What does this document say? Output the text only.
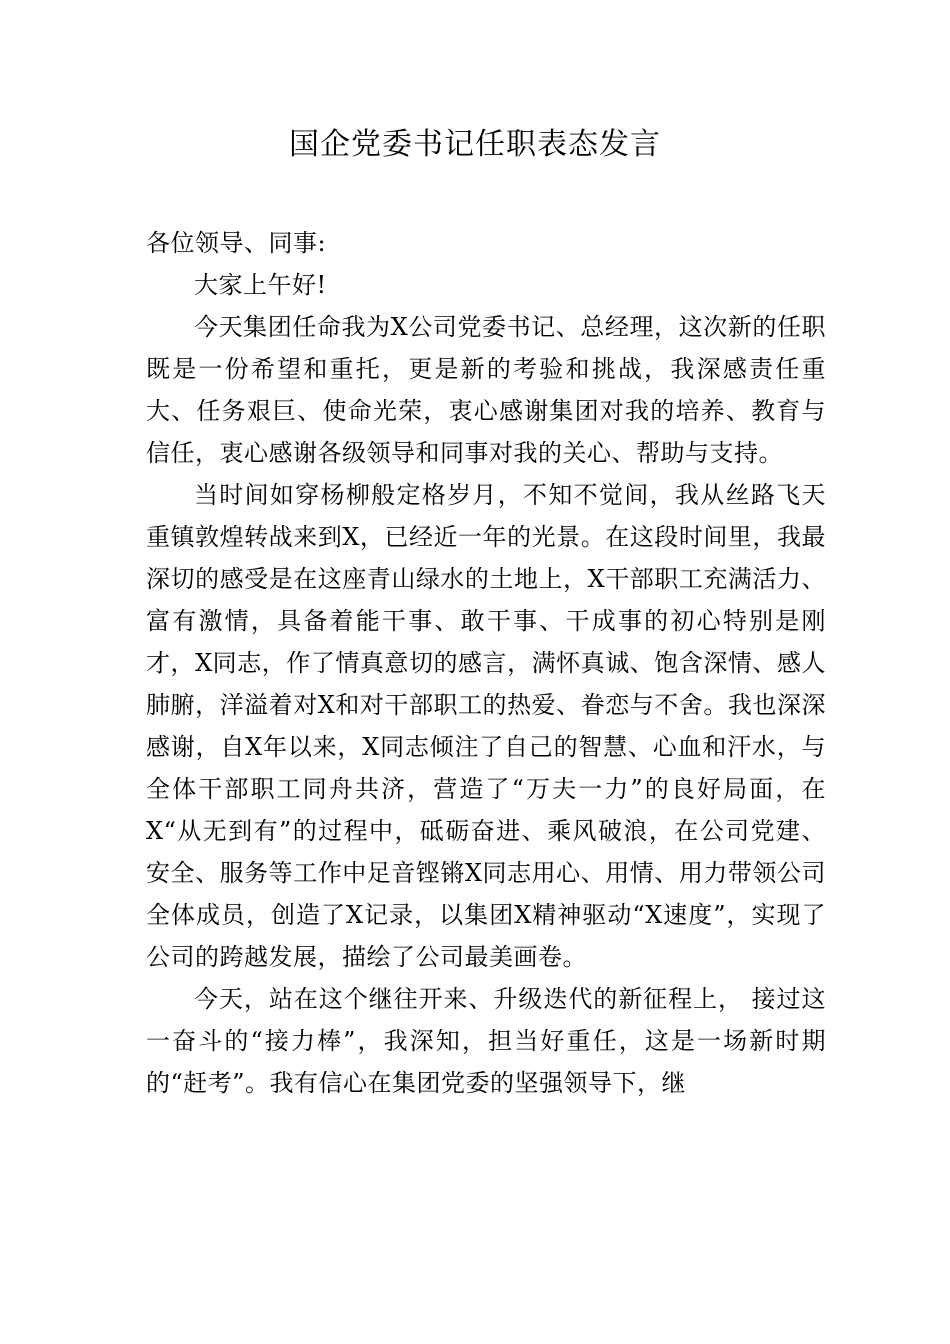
国企党委书记任职表态发言

各位领导、同事:

大家上午好!

今天集团任命我为X公司党委书记、总经理，这次新的任职既是一份希望和重托，更是新的考验和挑战，我深感责任重大、任务艰巨、使命光荣，衷心感谢集团对我的培养、教育与信任，衷心感谢各级领导和同事对我的关心、帮助与支持。

当时间如穿杨柳般定格岁月，不知不觉间，我从丝路飞天重镇敦煌转战来到X，已经近一年的光景。在这段时间里，我最深切的感受是在这座青山绿水的土地上，X干部职工充满活力、富有激情，具备着能干事、敢干事、干成事的初心特别是刚才，X同志，作了情真意切的感言，满怀真诚、饱含深情、感人肺腑，洋溢着对X和对干部职工的热爱、眷恋与不舍。我也深深感谢，自X年以来，X同志倾注了自己的智慧、心血和汗水，与全体干部职工同舟共济，营造了“万夫一力”的良好局面，在X“从无到有”的过程中，砥砺奋进、乘风破浪，在公司党建、安全、服务等工作中足音铿锵X同志用心、用情、用力带领公司全体成员，创造了X记录，以集团X精神驱动“X速度”，实现了公司的跨越发展，描绘了公司最美画卷。

今天，站在这个继往开来、升级迭代的新征程上， 接过这一奋斗的“接力棒”，我深知，担当好重任，这是一场新时期的“赶考”。我有信心在集团党委的坚强领导下，继
